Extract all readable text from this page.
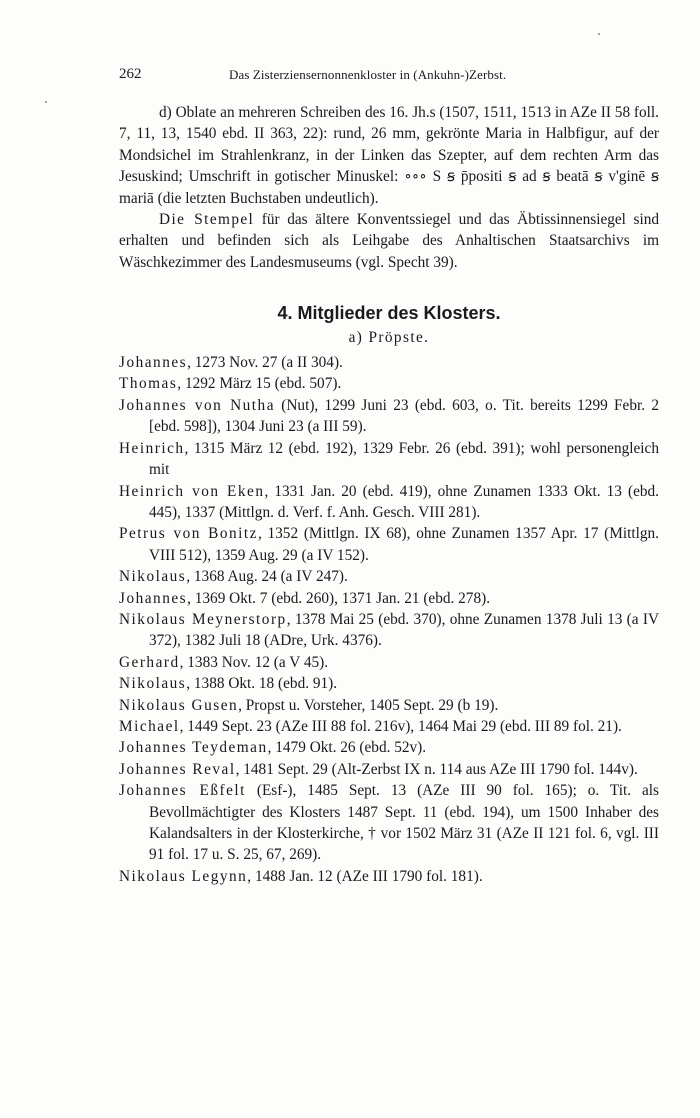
262	Das Zisterziensernonnenkloster in (Ankuhn-)Zerbst.

d) Oblate an mehreren Schreiben des 16. Jh.s (1507, 1511, 1513 in AZe II 58 foll. 7, 11, 13, 1540 ebd. II 363, 22): rund, 26 mm, gekrönte Maria in Halbfigur, auf der Mondsichel im Strahlenkranz, in der Linken das Szepter, auf dem rechten Arm das Jesuskind; Umschrift in gotischer Minuskel: ∘∘∘ S ꞩ p̄positi ꞩ ad ꞩ beatā ꞩ v'ginē ꞩ mariā (die letzten Buchstaben undeutlich).

Die Stempel für das ältere Konventssiegel und das Äbtissinnensiegel sind erhalten und befinden sich als Leihgabe des Anhaltischen Staatsarchivs im Wäschkezimmer des Landesmuseums (vgl. Specht 39).

4. Mitglieder des Klosters.
a) Pröpste.

Johannes, 1273 Nov. 27 (a II 304).

Thomas, 1292 März 15 (ebd. 507).

Johannes von Nutha (Nut), 1299 Juni 23 (ebd. 603, o. Tit. bereits 1299 Febr. 2 [ebd. 598]), 1304 Juni 23 (a III 59).

Heinrich, 1315 März 12 (ebd. 192), 1329 Febr. 26 (ebd. 391); wohl personengleich mit

Heinrich von Eken, 1331 Jan. 20 (ebd. 419), ohne Zunamen 1333 Okt. 13 (ebd. 445), 1337 (Mittlgn. d. Verf. f. Anh. Gesch. VIII 281).

Petrus von Bonitz, 1352 (Mittlgn. IX 68), ohne Zunamen 1357 Apr. 17 (Mittlgn. VIII 512), 1359 Aug. 29 (a IV 152).

Nikolaus, 1368 Aug. 24 (a IV 247).

Johannes, 1369 Okt. 7 (ebd. 260), 1371 Jan. 21 (ebd. 278).

Nikolaus Meynerstorp, 1378 Mai 25 (ebd. 370), ohne Zunamen 1378 Juli 13 (a IV 372), 1382 Juli 18 (ADre, Urk. 4376).

Gerhard, 1383 Nov. 12 (a V 45).

Nikolaus, 1388 Okt. 18 (ebd. 91).

Nikolaus Gusen, Propst u. Vorsteher, 1405 Sept. 29 (b 19).

Michael, 1449 Sept. 23 (AZe III 88 fol. 216v), 1464 Mai 29 (ebd. III 89 fol. 21).

Johannes Teydeman, 1479 Okt. 26 (ebd. 52v).

Johannes Reval, 1481 Sept. 29 (Alt-Zerbst IX n. 114 aus AZe III 1790 fol. 144v).

Johannes Eßfelt (Esf-), 1485 Sept. 13 (AZe III 90 fol. 165); o. Tit. als Bevollmächtigter des Klosters 1487 Sept. 11 (ebd. 194), um 1500 Inhaber des Kalandsalters in der Klosterkirche, † vor 1502 März 31 (AZe II 121 fol. 6, vgl. III 91 fol. 17 u. S. 25, 67, 269).

Nikolaus Legynn, 1488 Jan. 12 (AZe III 1790 fol. 181).
